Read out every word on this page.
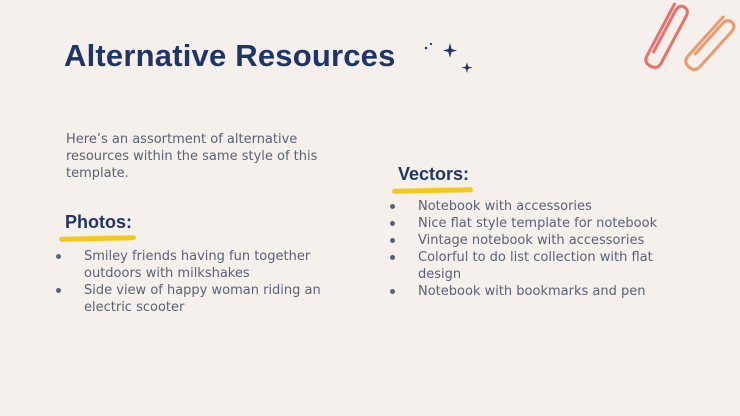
Alternative Resources
Here’s an assortment of alternative resources within the same style of this template.
Photos:
Smiley friends having fun together outdoors with milkshakes
Side view of happy woman riding an electric scooter
Vectors:
Notebook with accessories
Nice flat style template for notebook
Vintage notebook with accessories
Colorful to do list collection with flat design
Notebook with bookmarks and pen
